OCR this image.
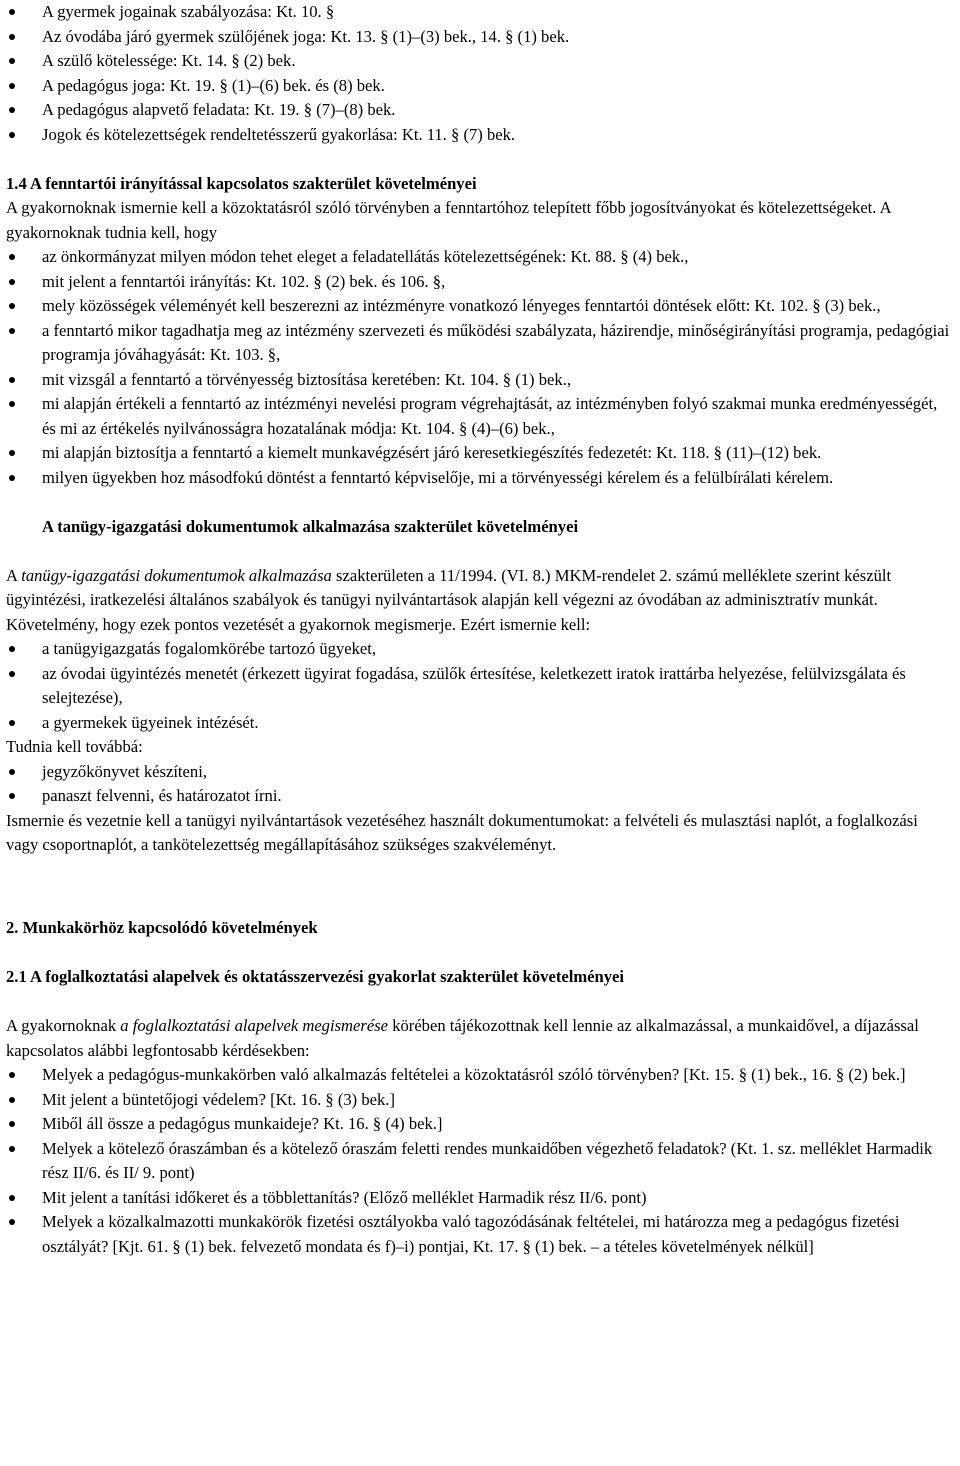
A gyermek jogainak szabályozása: Kt. 10. §
Az óvodába járó gyermek szülőjének joga: Kt. 13. § (1)–(3) bek., 14. § (1) bek.
A szülő kötelessége: Kt. 14. § (2) bek.
A pedagógus joga: Kt. 19. § (1)–(6) bek. és (8) bek.
A pedagógus alapvető feladata: Kt. 19. § (7)–(8) bek.
Jogok és kötelezettségek rendeltetésszerű gyakorlása: Kt. 11. § (7) bek.

1.4 A fenntartói irányítással kapcsolatos szakterület követelményei

A gyakornoknak ismernie kell a közoktatásról szóló törvényben a fenntartóhoz telepített főbb jogosítványokat és kötelezettségeket. A gyakornoknak tudnia kell, hogy

az önkormányzat milyen módon tehet eleget a feladatellátás kötelezettségének: Kt. 88. § (4) bek.,
mit jelent a fenntartói irányítás: Kt. 102. § (2) bek. és 106. §,
mely közösségek véleményét kell beszerezni az intézményre vonatkozó lényeges fenntartói döntések előtt: Kt. 102. § (3) bek.,
a fenntartó mikor tagadhatja meg az intézmény szervezeti és működési szabályzata, házirendje, minőségirányítási programja, pedagógiai programja jóváhagyását: Kt. 103. §,
mit vizsgál a fenntartó a törvényesség biztosítása keretében: Kt. 104. § (1) bek.,
mi alapján értékeli a fenntartó az intézményi nevelési program végrehajtását, az intézményben folyó szakmai munka eredményességét, és mi az értékelés nyilvánosságra hozatalának módja: Kt. 104. § (4)–(6) bek.,
mi alapján biztosítja a fenntartó a kiemelt munkavégzésért járó keresetkiegészítés fedezetét: Kt. 118. § (11)–(12) bek.
milyen ügyekben hoz másodfokú döntést a fenntartó képviselője, mi a törvényességi kérelem és a felülbírálati kérelem.

A tanügy-igazgatási dokumentumok alkalmazása szakterület követelményei

A tanügy-igazgatási dokumentumok alkalmazása szakterületen a 11/1994. (VI. 8.) MKM-rendelet 2. számú melléklete szerint készült ügyintézési, iratkezelési általános szabályok és tanügyi nyilvántartások alapján kell végezni az óvodában az adminisztratív munkát. Követelmény, hogy ezek pontos vezetését a gyakornok megismerje. Ezért ismernie kell:

a tanügyigazgatás fogalomkörébe tartozó ügyeket,
az óvodai ügyintézés menetét (érkezett ügyirat fogadása, szülők értesítése, keletkezett iratok irattárba helyezése, felülvizsgálata és selejtezése),
a gyermekek ügyeinek intézését.

Tudnia kell továbbá:

jegyzőkönyvet készíteni,
panaszt felvenni, és határozatot írni.

Ismernie és vezetnie kell a tanügyi nyilvántartások vezetéséhez használt dokumentumokat: a felvételi és mulasztási naplót, a foglalkozási vagy csoportnaplót, a tankötelezettség megállapításához szükséges szakvéleményt.

2. Munkakörhöz kapcsolódó követelmények

2.1 A foglalkoztatási alapelvek és oktatásszervezési gyakorlat szakterület követelményei

A gyakornoknak a foglalkoztatási alapelvek megismerése körében tájékozottnak kell lennie az alkalmazással, a munkaidővel, a díjazással kapcsolatos alábbi legfontosabb kérdésekben:

Melyek a pedagógus-munkakörben való alkalmazás feltételei a közoktatásról szóló törvényben? [Kt. 15. § (1) bek., 16. § (2) bek.]
Mit jelent a büntetőjogi védelem? [Kt. 16. § (3) bek.]
Miből áll össze a pedagógus munkaideje? Kt. 16. § (4) bek.]
Melyek a kötelező óraszámban és a kötelező óraszám feletti rendes munkaidőben végezhető feladatok? (Kt. 1. sz. melléklet Harmadik rész II/6. és II/ 9. pont)
Mit jelent a tanítási időkeret és a többlettanítás? (Előző melléklet Harmadik rész II/6. pont)
Melyek a közalkalmazotti munkakörök fizetési osztályokba való tagozódásának feltételei, mi határozza meg a pedagógus fizetési osztályát? [Kjt. 61. § (1) bek. felvezető mondata és f)–i) pontjai, Kt. 17. § (1) bek. – a tételes követelmények nélkül]
